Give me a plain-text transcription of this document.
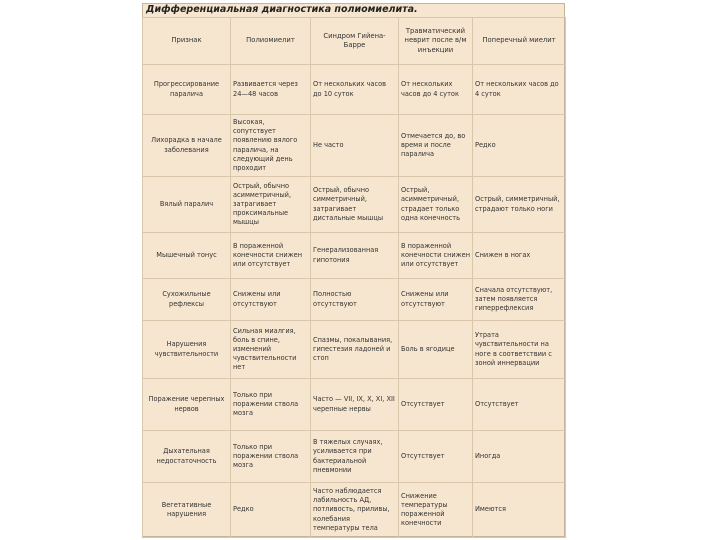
Дифференциальная диагностика полиомиелита.
Признак	Полиомиелит	Синдром Гийена-Барре	Травматический неврит после в/м инъекции	Поперечный миелит
Прогрессирование паралича	Развивается через 24—48 часов	От нескольких часов до 10 суток	От нескольких часов до 4 суток	От нескольких часов до 4 суток
Лихорадка в начале заболевания	Высокая, сопутствует появлению вялого паралича, на следующий день проходит	Не часто	Отмечается до, во время и после паралича	Редко
Вялый паралич	Острый, обычно асимметричный, затрагивает проксимальные мышцы	Острый, обычно симметричный, затрагивает дистальные мышцы	Острый, асимметричный, страдает только одна конечность	Острый, симметричный, страдают только ноги
Мышечный тонус	В пораженной конечности снижен или отсутствует	Генерализованная гипотония	В пораженной конечности снижен или отсутствует	Снижен в ногах
Сухожильные рефлексы	Снижены или отсутствуют	Полностью отсутствуют	Снижены или отсутствуют	Сначала отсутствуют, затем появляется гиперрефлексия
Нарушения чувствительности	Сильная миалгия, боль в спине, изменений чувствительности нет	Спазмы, покалывания, гипестезия ладоней и стоп	Боль в ягодице	Утрата чувствительности на ноге в соответствии с зоной иннервации
Поражение черепных нервов	Только при поражении ствола мозга	Часто — VII, IX, X, XI, XII черепные нервы	Отсутствует	Отсутствует
Дыхательная недостаточность	Только при поражении ствола мозга	В тяжелых случаях, усиливается при бактериальной пневмонии	Отсутствует	Иногда
Вегетативные нарушения	Редко	Часто наблюдается лабильность АД, потливость, приливы, колебания температуры тела	Снижение температуры пораженной конечности	Имеются
